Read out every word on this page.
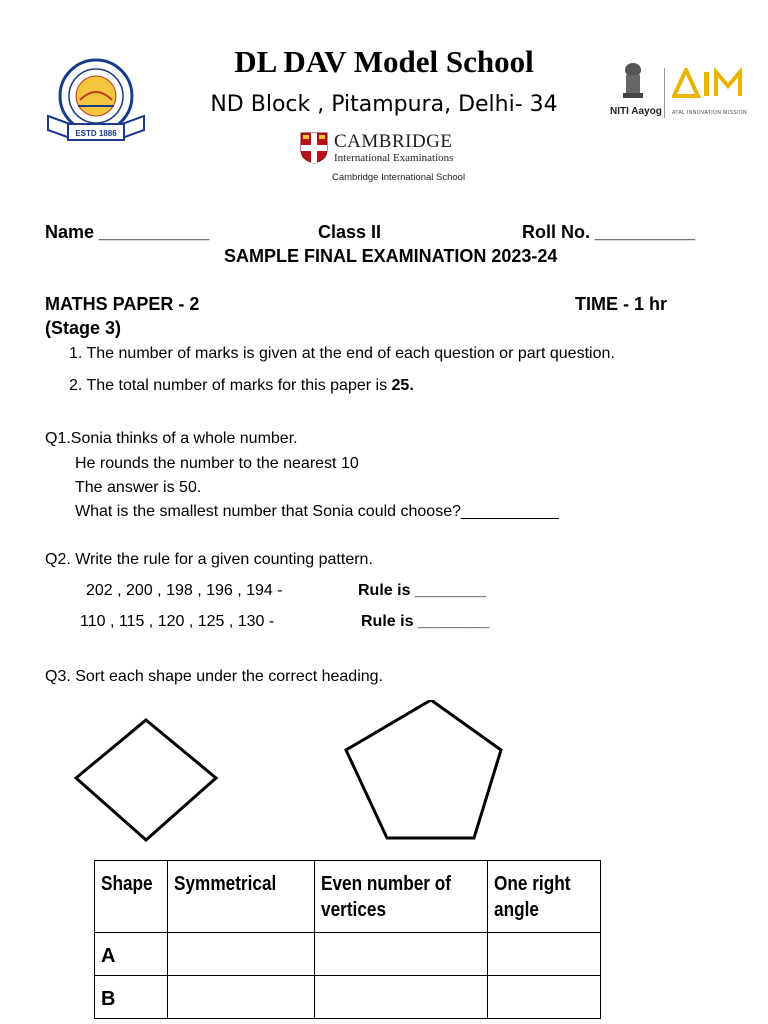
ESTD 1886
DL DAV Model School
ND Block , Pitampura, Delhi- 34
CAMBRIDGE
International Examinations
Cambridge International School
NITI Aayog ATAL INNOVATION MISSION
Name ___________	Class II	Roll No. __________
SAMPLE FINAL EXAMINATION 2023-24
MATHS PAPER - 2	TIME - 1 hr
(Stage 3)
1. The number of marks is given at the end of each question or part question.
2. The total number of marks for this paper is 25.
Q1.Sonia thinks of a whole number.
He rounds the number to the nearest 10
The answer is 50.
What is the smallest number that Sonia could choose?___________
Q2. Write the rule for a given counting pattern.
202 , 200 , 198 , 196 , 194 -	Rule is ________
110 , 115 , 120 , 125 , 130 -	Rule is ________
Q3. Sort each shape under the correct heading.
Shape	Symmetrical	Even number of vertices	One right angle
A			
B			
